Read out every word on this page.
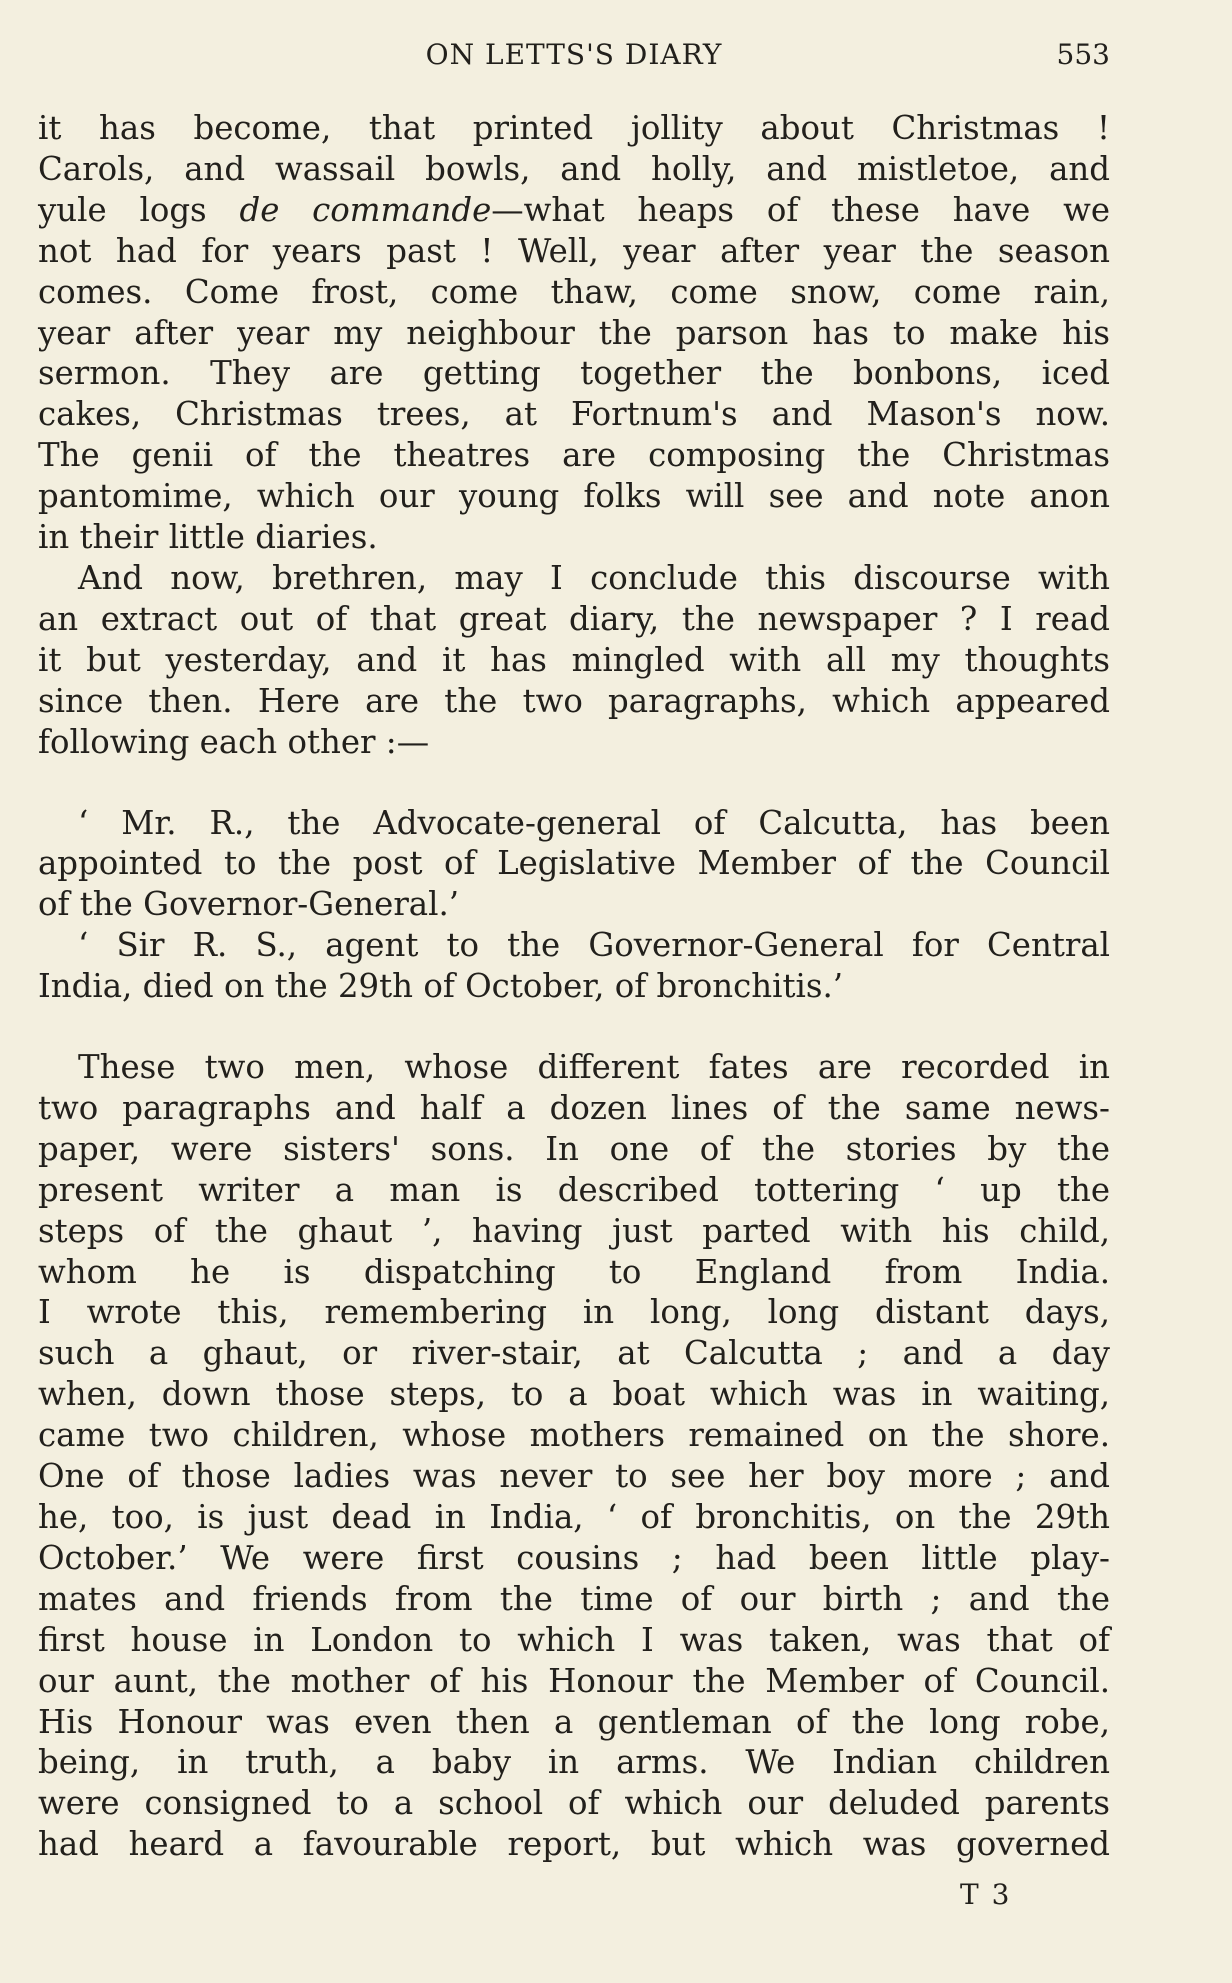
ON LETTS'S DIARY	553
it has become, that printed jollity about Christmas !
Carols, and wassail bowls, and holly, and mistletoe, and
yule logs de commande—what heaps of these have we
not had for years past ! Well, year after year the season
comes. Come frost, come thaw, come snow, come rain,
year after year my neighbour the parson has to make his
sermon. They are getting together the bonbons, iced
cakes, Christmas trees, at Fortnum's and Mason's now.
The genii of the theatres are composing the Christmas
pantomime, which our young folks will see and note anon
in their little diaries.
And now, brethren, may I conclude this discourse with
an extract out of that great diary, the newspaper ? I read
it but yesterday, and it has mingled with all my thoughts
since then. Here are the two paragraphs, which appeared
following each other :—
‘ Mr. R., the Advocate-general of Calcutta, has been
appointed to the post of Legislative Member of the Council
of the Governor-General.’
‘ Sir R. S., agent to the Governor-General for Central
India, died on the 29th of October, of bronchitis.’
These two men, whose different fates are recorded in
two paragraphs and half a dozen lines of the same news-
paper, were sisters' sons. In one of the stories by the
present writer a man is described tottering ‘ up the
steps of the ghaut ’, having just parted with his child,
whom he is dispatching to England from India.
I wrote this, remembering in long, long distant days,
such a ghaut, or river-stair, at Calcutta ; and a day
when, down those steps, to a boat which was in waiting,
came two children, whose mothers remained on the shore.
One of those ladies was never to see her boy more ; and
he, too, is just dead in India, ‘ of bronchitis, on the 29th
October.’ We were first cousins ; had been little play-
mates and friends from the time of our birth ; and the
first house in London to which I was taken, was that of
our aunt, the mother of his Honour the Member of Council.
His Honour was even then a gentleman of the long robe,
being, in truth, a baby in arms. We Indian children
were consigned to a school of which our deluded parents
had heard a favourable report, but which was governed
T 3
